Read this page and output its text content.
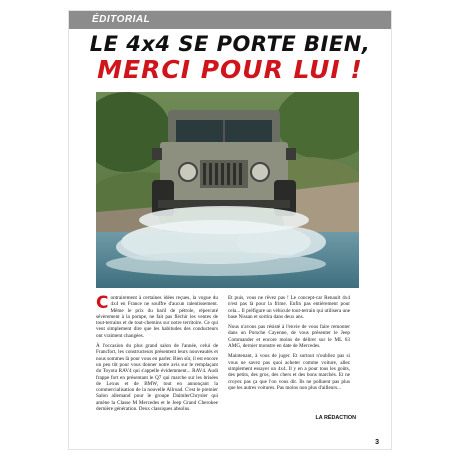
ÉDITORIAL
LE 4x4 SE PORTE BIEN,
MERCI POUR LUI !

Contrairement à certaines idées reçues, la vogue du 4x4 en France ne souffre d'aucun ralentissement. Même le prix du baril de pétrole, répercuté sévèrement à la pompe, ne fait pas fléchir les ventes de tout-terrains et de tout-chemins sur notre territoire. Ce qui veut simplement dire que les habitudes des conducteurs ont vraiment changées.

À l'occasion du plus grand salon de l'année, celui de Francfort, les constructeurs présentent leurs nouveautés et nous sommes là pour vous en parler. Bien sûr, il est encore un peu tôt pour vous donner notre avis sur le remplaçant du Toyota RAV4 qui s'appelle évidemment... RAV4. Audi frappe fort en présentant le Q7 qui marche sur les brisées de Lexus et de BMW, tout en annonçant la commercialisation de la nouvelle Allroad. C'est le premier Salon allemand pour le groupe DaimlerChrysler qui amène la Classe M Mercedes et le Jeep Grand Cherokee dernière génération. Deux classiques absolus.

Et puis, vous ne rêvez pas ! Le concept-car Renault 4x4 n'est pas là pour la frime. Enfin pas entièrement pour cela... Il préfigure un véhicule tout-terrain qui utilisera une base Nissan et sortira dans deux ans.

Nous n'avons pas résisté à l'envie de vous faire remonter dans un Porsche Cayenne, de vous présenter le Jeep Commander et encore moins de délirer sur le ML 63 AMG, dernier monstre en date de Mercedes.

Maintenant, à vous de juger. Et surtout n'oubliez pas si vous ne savez pas quoi acheter comme voiture, allez simplement essayer un 4x4. Il y en a pour tous les goûts, des petits, des gros, des chers et des bons marchés. Et ne croyez pas ça que l'on vous dit. Ils ne polluent pas plus que les autres voitures. Pas moins non plus d'ailleurs...

LA RÉDACTION
3
